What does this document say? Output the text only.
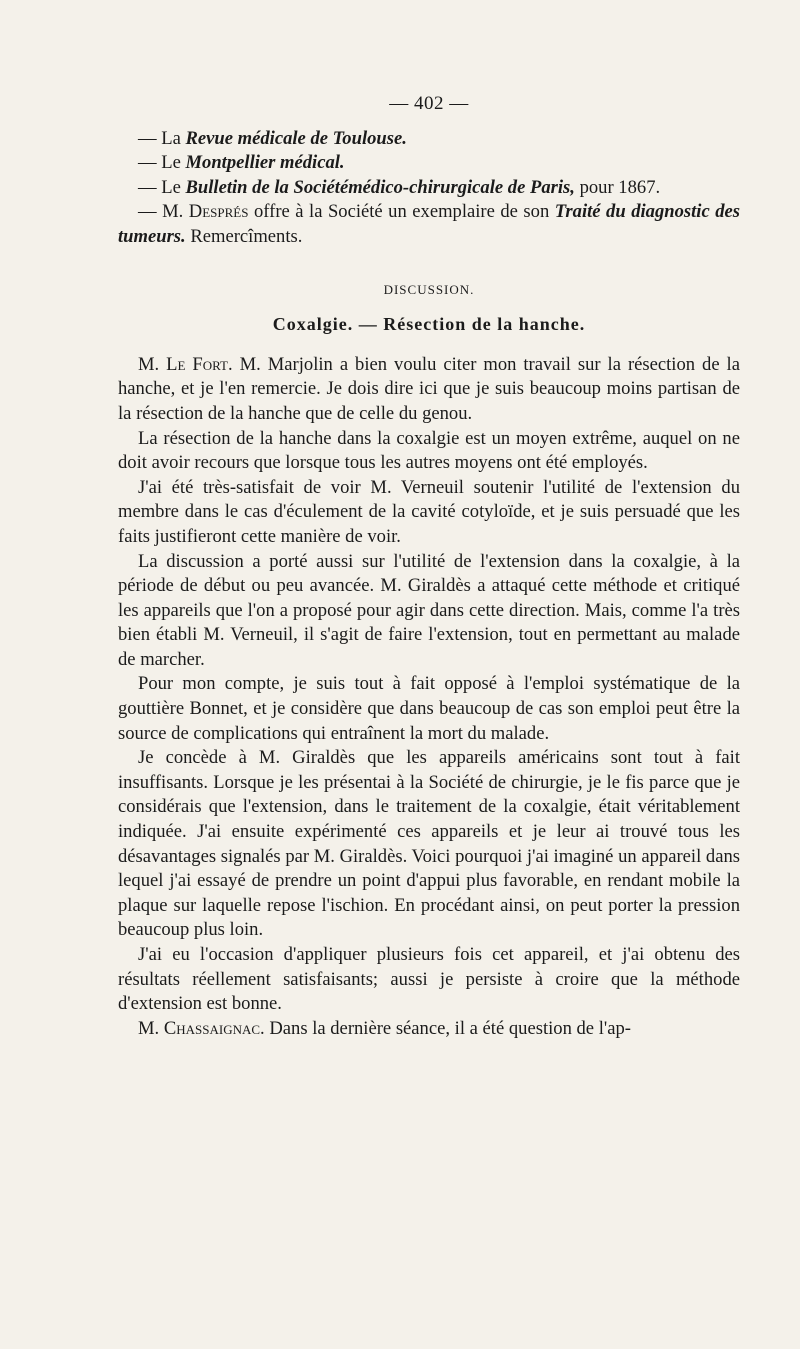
— 402 —

— La Revue médicale de Toulouse.

— Le Montpellier médical.

— Le Bulletin de la Sociétémédico-chirurgicale de Paris, pour 1867.

— M. Després offre à la Société un exemplaire de son Traité du diagnostic des tumeurs. Remercîments.

DISCUSSION.
Coxalgie. — Résection de la hanche.

M. Le Fort. M. Marjolin a bien voulu citer mon travail sur la résection de la hanche, et je l'en remercie. Je dois dire ici que je suis beaucoup moins partisan de la résection de la hanche que de celle du genou.

La résection de la hanche dans la coxalgie est un moyen extrême, auquel on ne doit avoir recours que lorsque tous les autres moyens ont été employés.

J'ai été très-satisfait de voir M. Verneuil soutenir l'utilité de l'extension du membre dans le cas d'éculement de la cavité cotyloïde, et je suis persuadé que les faits justifieront cette manière de voir.

La discussion a porté aussi sur l'utilité de l'extension dans la coxalgie, à la période de début ou peu avancée. M. Giraldès a attaqué cette méthode et critiqué les appareils que l'on a proposé pour agir dans cette direction. Mais, comme l'a très bien établi M. Verneuil, il s'agit de faire l'extension, tout en permettant au malade de marcher.

Pour mon compte, je suis tout à fait opposé à l'emploi systématique de la gouttière Bonnet, et je considère que dans beaucoup de cas son emploi peut être la source de complications qui entraînent la mort du malade.

Je concède à M. Giraldès que les appareils américains sont tout à fait insuffisants. Lorsque je les présentai à la Société de chirurgie, je le fis parce que je considérais que l'extension, dans le traitement de la coxalgie, était véritablement indiquée. J'ai ensuite expérimenté ces appareils et je leur ai trouvé tous les désavantages signalés par M. Giraldès. Voici pourquoi j'ai imaginé un appareil dans lequel j'ai essayé de prendre un point d'appui plus favorable, en rendant mobile la plaque sur laquelle repose l'ischion. En procédant ainsi, on peut porter la pression beaucoup plus loin.

J'ai eu l'occasion d'appliquer plusieurs fois cet appareil, et j'ai obtenu des résultats réellement satisfaisants; aussi je persiste à croire que la méthode d'extension est bonne.

M. Chassaignac. Dans la dernière séance, il a été question de l'ap-
